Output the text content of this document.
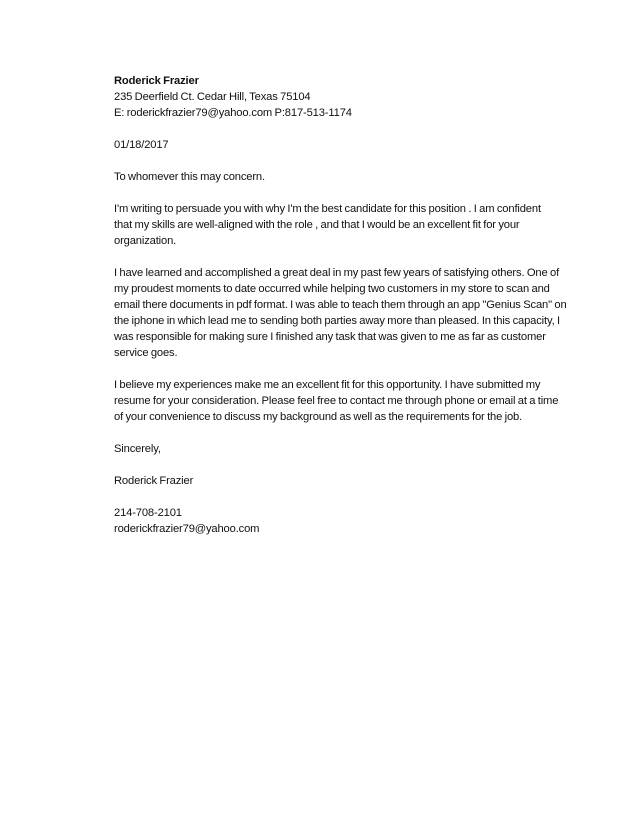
Roderick Frazier

235 Deerfield Ct. Cedar Hill, Texas 75104

E: roderickfrazier79@yahoo.com P:817-513-1174

01/18/2017

To whomever this may concern.

I'm writing to persuade you with why I'm the best candidate for this position . I am confident
that my skills are well-aligned with the role , and that I would be an excellent fit for your
organization.
I have learned and accomplished a great deal in my past few years of satisfying others. One of
my proudest moments to date occurred while helping two customers in my store to scan and
email there documents in pdf format. I was able to teach them through an app "Genius Scan" on
the iphone in which lead me to sending both parties away more than pleased. In this capacity, I
was responsible for making sure I finished any task that was given to me as far as customer
service goes.
I believe my experiences make me an excellent fit for this opportunity. I have submitted my
resume for your consideration. Please feel free to contact me through phone or email at a time
of your convenience to discuss my background as well as the requirements for the job.

Sincerely,

Roderick Frazier

214-708-2101

roderickfrazier79@yahoo.com
